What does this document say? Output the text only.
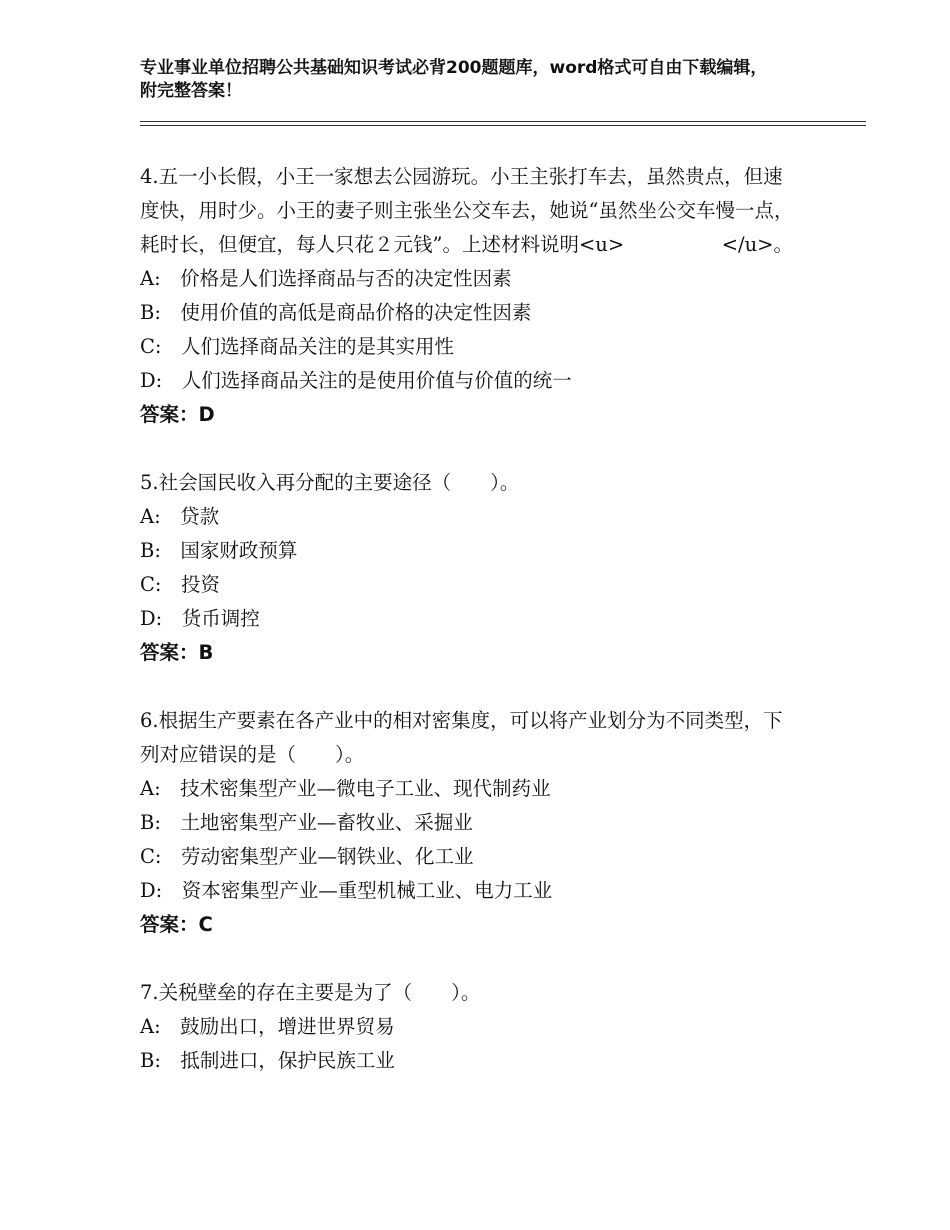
专业事业单位招聘公共基础知识考试必背200题题库，word格式可自由下载编辑，附完整答案！

4.五一小长假，小王一家想去公园游玩。小王主张打车去，虽然贵点，但速度快，用时少。小王的妻子则主张坐公交车去，她说“虽然坐公交车慢一点，耗时长，但便宜，每人只花２元钱”。上述材料说明<u>　　　　　</u>。

A:　价格是人们选择商品与否的决定性因素

B:　使用价值的高低是商品价格的决定性因素

C:　人们选择商品关注的是其实用性

D:　人们选择商品关注的是使用价值与价值的统一

答案：D

5.社会国民收入再分配的主要途径（　　）。

A:　贷款

B:　国家财政预算

C:　投资

D:　货币调控

答案：B

6.根据生产要素在各产业中的相对密集度，可以将产业划分为不同类型，下列对应错误的是（　　）。

A:　技术密集型产业—微电子工业、现代制药业

B:　土地密集型产业—畜牧业、采掘业

C:　劳动密集型产业—钢铁业、化工业

D:　资本密集型产业—重型机械工业、电力工业

答案：C

7.关税壁垒的存在主要是为了（　　）。

A:　鼓励出口，增进世界贸易

B:　抵制进口，保护民族工业
